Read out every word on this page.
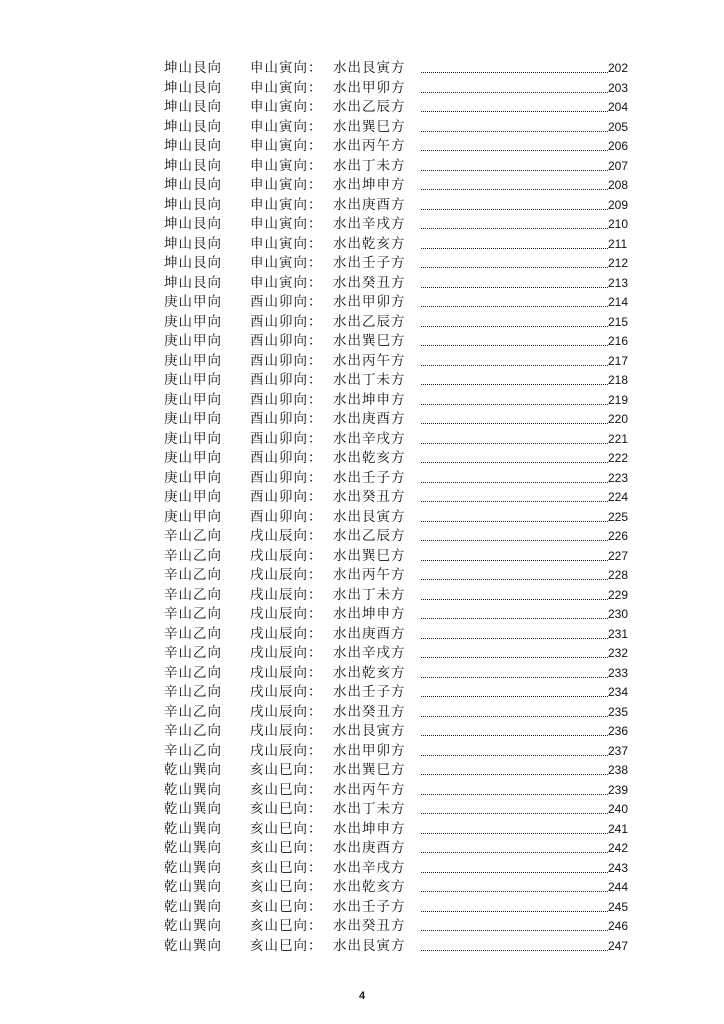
坤山艮向 申山寅向： 水出艮寅方	202
坤山艮向 申山寅向： 水出甲卯方	203
坤山艮向 申山寅向： 水出乙辰方	204
坤山艮向 申山寅向： 水出巽巳方	205
坤山艮向 申山寅向： 水出丙午方	206
坤山艮向 申山寅向： 水出丁未方	207
坤山艮向 申山寅向： 水出坤申方	208
坤山艮向 申山寅向： 水出庚酉方	209
坤山艮向 申山寅向： 水出辛戌方	210
坤山艮向 申山寅向： 水出乾亥方	211
坤山艮向 申山寅向： 水出壬子方	212
坤山艮向 申山寅向： 水出癸丑方	213
庚山甲向 酉山卯向： 水出甲卯方	214
庚山甲向 酉山卯向： 水出乙辰方	215
庚山甲向 酉山卯向： 水出巽巳方	216
庚山甲向 酉山卯向： 水出丙午方	217
庚山甲向 酉山卯向： 水出丁未方	218
庚山甲向 酉山卯向： 水出坤申方	219
庚山甲向 酉山卯向： 水出庚酉方	220
庚山甲向 酉山卯向： 水出辛戌方	221
庚山甲向 酉山卯向： 水出乾亥方	222
庚山甲向 酉山卯向： 水出壬子方	223
庚山甲向 酉山卯向： 水出癸丑方	224
庚山甲向 酉山卯向： 水出艮寅方	225
辛山乙向 戌山辰向： 水出乙辰方	226
辛山乙向 戌山辰向： 水出巽巳方	227
辛山乙向 戌山辰向： 水出丙午方	228
辛山乙向 戌山辰向： 水出丁未方	229
辛山乙向 戌山辰向： 水出坤申方	230
辛山乙向 戌山辰向： 水出庚酉方	231
辛山乙向 戌山辰向： 水出辛戌方	232
辛山乙向 戌山辰向： 水出乾亥方	233
辛山乙向 戌山辰向： 水出壬子方	234
辛山乙向 戌山辰向： 水出癸丑方	235
辛山乙向 戌山辰向： 水出艮寅方	236
辛山乙向 戌山辰向： 水出甲卯方	237
乾山巽向 亥山巳向： 水出巽巳方	238
乾山巽向 亥山巳向： 水出丙午方	239
乾山巽向 亥山巳向： 水出丁未方	240
乾山巽向 亥山巳向： 水出坤申方	241
乾山巽向 亥山巳向： 水出庚酉方	242
乾山巽向 亥山巳向： 水出辛戌方	243
乾山巽向 亥山巳向： 水出乾亥方	244
乾山巽向 亥山巳向： 水出壬子方	245
乾山巽向 亥山巳向： 水出癸丑方	246
乾山巽向 亥山巳向： 水出艮寅方	247
4
